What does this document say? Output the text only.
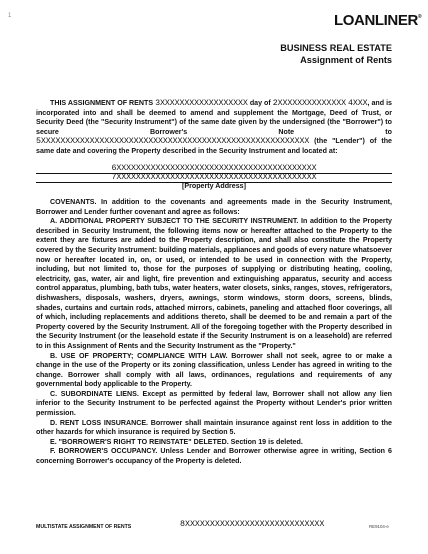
1	LOANLINER®
BUSINESS REAL ESTATE
Assignment of Rents
THIS ASSIGNMENT OF RENTS 3XXXXXXXXXXXXXXXXXX day of 2XXXXXXXXXXXXXX 4XXX, and is incorporated into and shall be deemed to amend and supplement the Mortgage, Deed of Trust, or Security Deed (the "Security Instrument") of the same date given by the undersigned (the "Borrower") to secure Borrower's Note to 5XXXXXXXXXXXXXXXXXXXXXXXXXXXXXXXXXXXXXXXXXXXXXXXXXXXXXXX (the "Lender") of the same date and covering the Property described in the Security Instrument and located at:
6XXXXXXXXXXXXXXXXXXXXXXXXXXXXXXXXXXXXXXXXX
7XXXXXXXXXXXXXXXXXXXXXXXXXXXXXXXXXXXXXXXXX
[Property Address]
COVENANTS. In addition to the covenants and agreements made in the Security Instrument, Borrower and Lender further covenant and agree as follows:
A. ADDITIONAL PROPERTY SUBJECT TO THE SECURITY INSTRUMENT. In addition to the Property described in Security Instrument, the following items now or hereafter attached to the Property to the extent they are fixtures are added to the Property description, and shall also constitute the Property covered by the Security Instrument: building materials, appliances and goods of every nature whatsoever now or hereafter located in, on, or used, or intended to be used in connection with the Property, including, but not limited to, those for the purposes of supplying or distributing heating, cooling, electricity, gas, water, air and light, fire prevention and extinguishing apparatus, security and access control apparatus, plumbing, bath tubs, water heaters, water closets, sinks, ranges, stoves, refrigerators, dishwashers, disposals, washers, dryers, awnings, storm windows, storm doors, screens, blinds, shades, curtains and curtain rods, attached mirrors, cabinets, paneling and attached floor coverings, all of which, including replacements and additions thereto, shall be deemed to be and remain a part of the Property covered by the Security Instrument. All of the foregoing together with the Property described in the Security Instrument (or the leasehold estate if the Security Instrument is on a leasehold) are referred to in this Assignment of Rents and the Security Instrument as the "Property."
B. USE OF PROPERTY; COMPLIANCE WITH LAW. Borrower shall not seek, agree to or make a change in the use of the Property or its zoning classification, unless Lender has agreed in writing to the change. Borrower shall comply with all laws, ordinances, regulations and requirements of any governmental body applicable to the Property.
C. SUBORDINATE LIENS. Except as permitted by federal law, Borrower shall not allow any lien inferior to the Security Instrument to be perfected against the Property without Lender's prior written permission.
D. RENT LOSS INSURANCE. Borrower shall maintain insurance against rent loss in addition to the other hazards for which insurance is required by Section 5.
E. "BORROWER'S RIGHT TO REINSTATE" DELETED. Section 19 is deleted.
F. BORROWER'S OCCUPANCY. Unless Lender and Borrower otherwise agree in writing, Section 6 concerning Borrower's occupancy of the Property is deleted.
MULTISTATE ASSIGNMENT OF RENTS	8XXXXXXXXXXXXXXXXXXXXXXXXXXXX	RE9104-e
